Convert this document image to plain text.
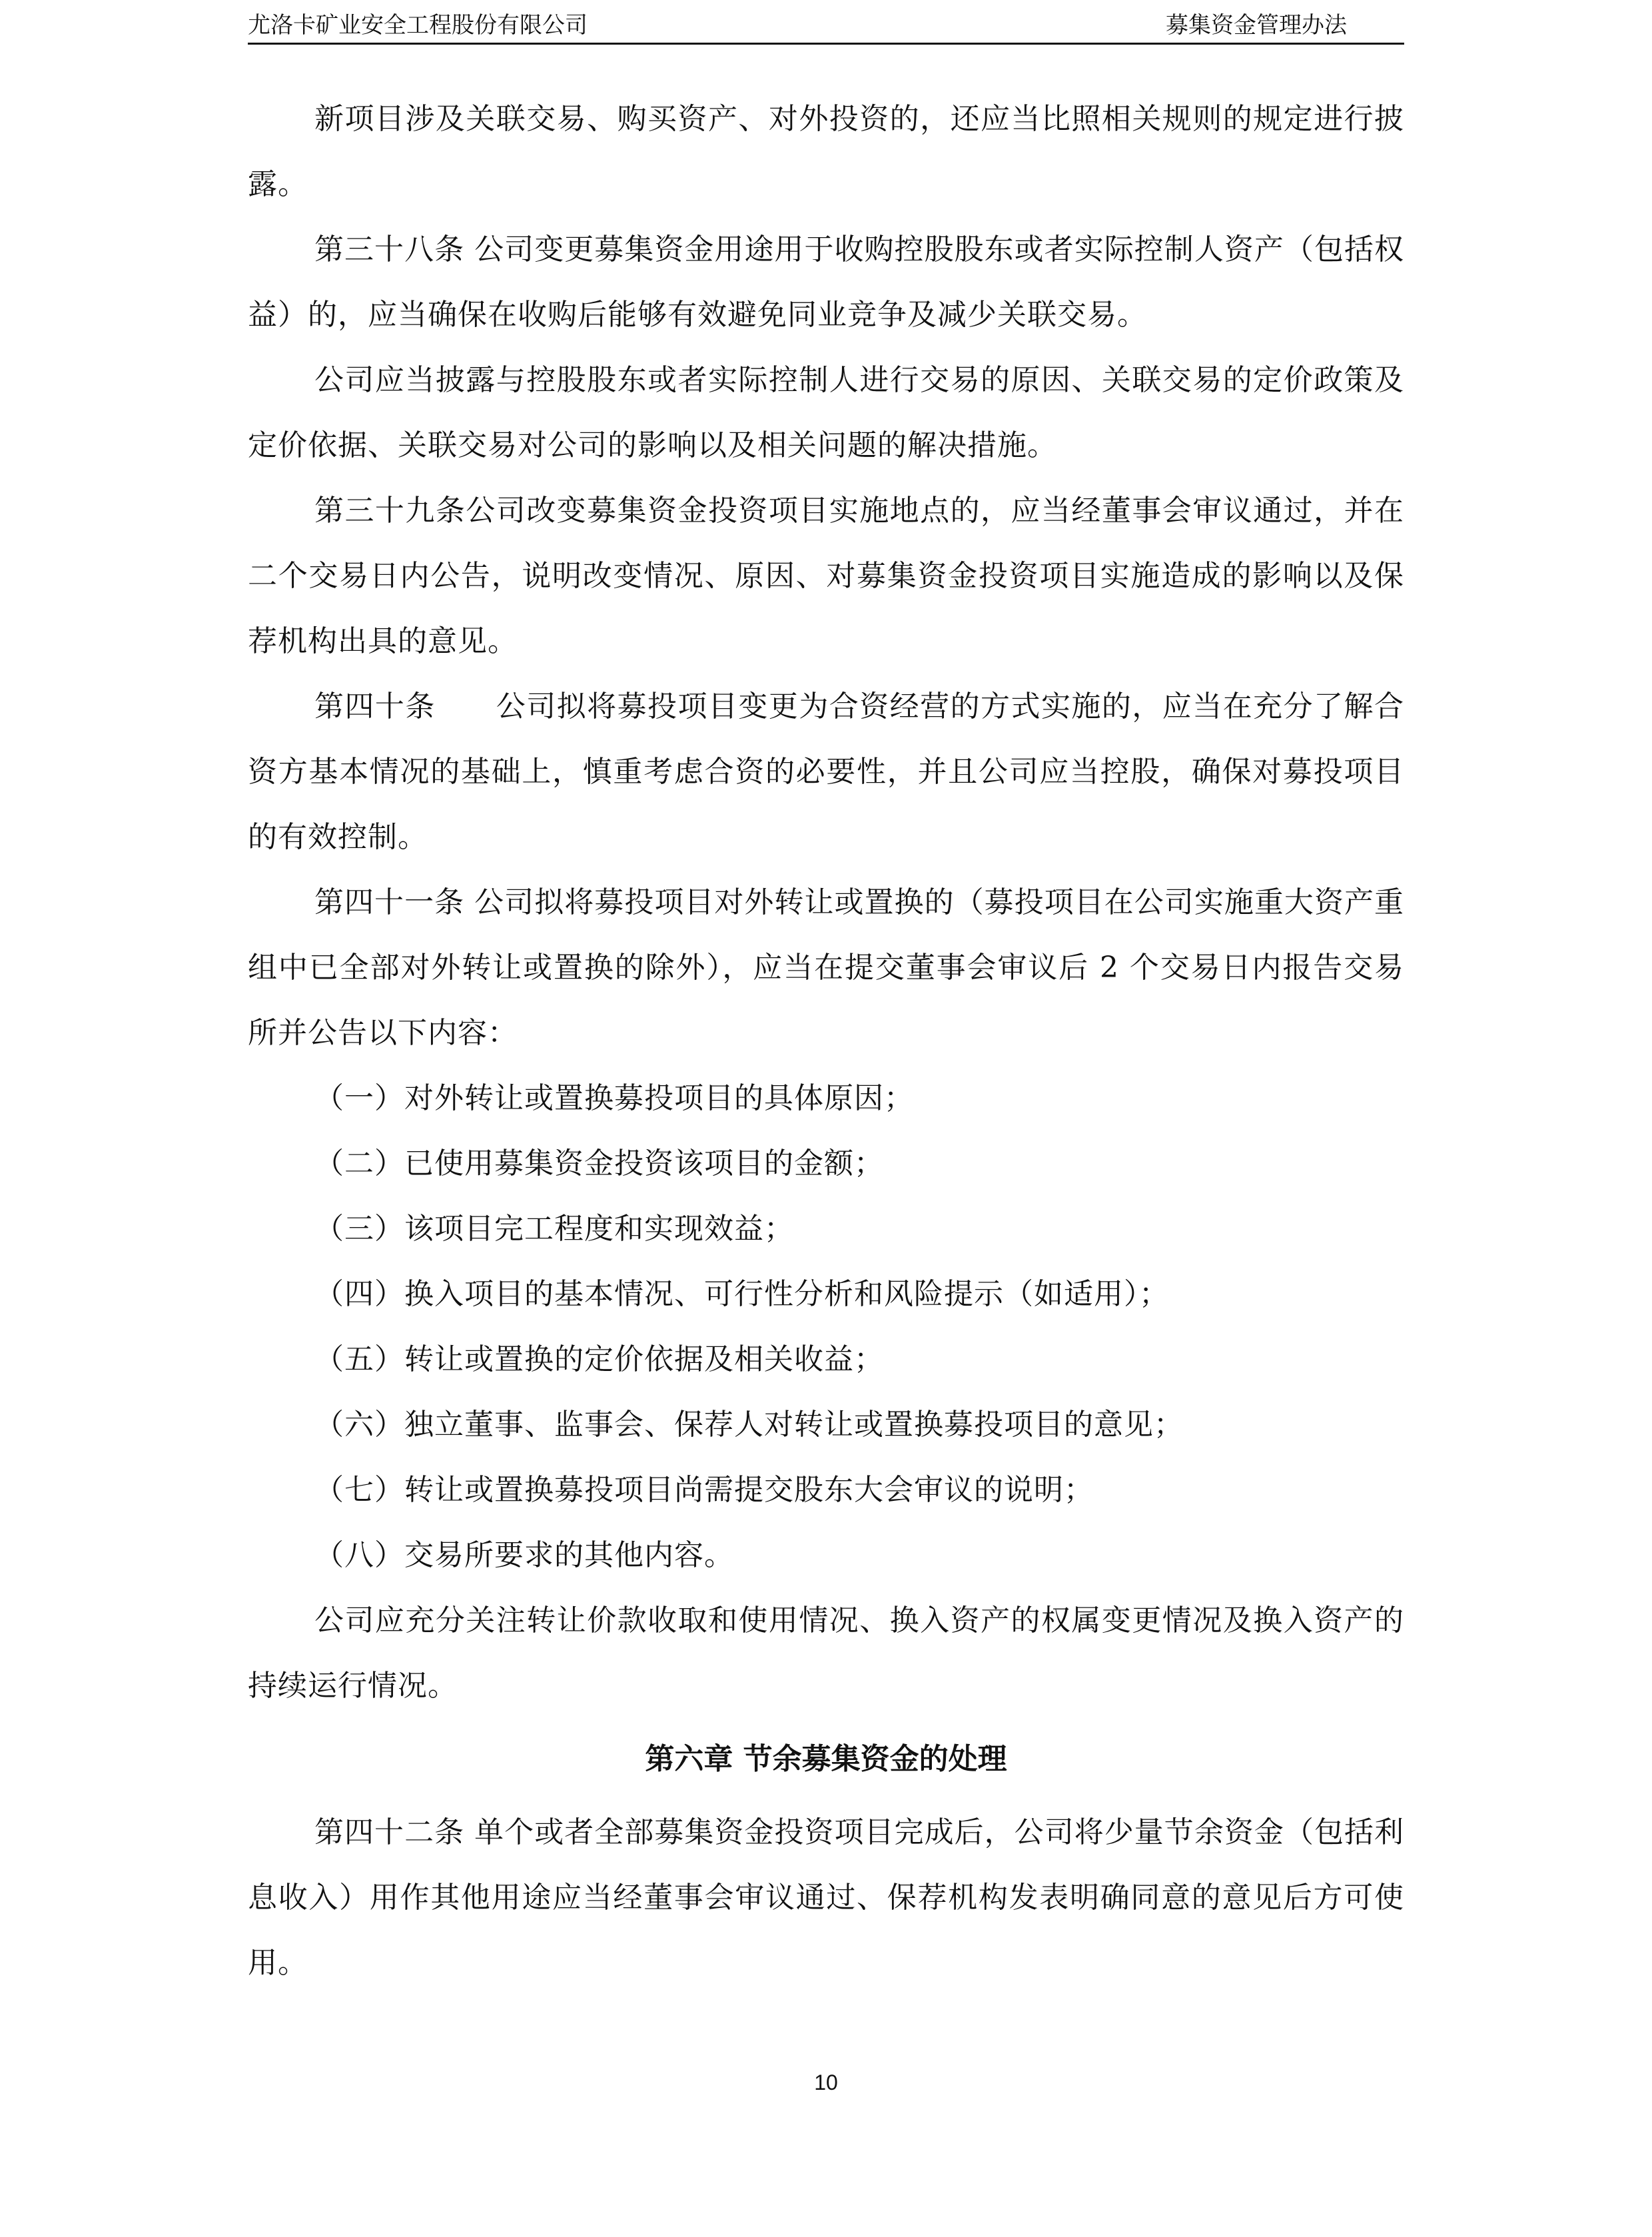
尤洛卡矿业安全工程股份有限公司	募集资金管理办法

新项目涉及关联交易、购买资产、对外投资的，还应当比照相关规则的规定进行披露。

第三十八条 公司变更募集资金用途用于收购控股股东或者实际控制人资产（包括权益）的，应当确保在收购后能够有效避免同业竞争及减少关联交易。

公司应当披露与控股股东或者实际控制人进行交易的原因、关联交易的定价政策及定价依据、关联交易对公司的影响以及相关问题的解决措施。

第三十九条公司改变募集资金投资项目实施地点的，应当经董事会审议通过，并在二个交易日内公告，说明改变情况、原因、对募集资金投资项目实施造成的影响以及保荐机构出具的意见。

第四十条　　公司拟将募投项目变更为合资经营的方式实施的，应当在充分了解合资方基本情况的基础上，慎重考虑合资的必要性，并且公司应当控股，确保对募投项目的有效控制。

第四十一条 公司拟将募投项目对外转让或置换的（募投项目在公司实施重大资产重组中已全部对外转让或置换的除外），应当在提交董事会审议后 2 个交易日内报告交易所并公告以下内容：

（一）对外转让或置换募投项目的具体原因；

（二）已使用募集资金投资该项目的金额；

（三）该项目完工程度和实现效益；

（四）换入项目的基本情况、可行性分析和风险提示（如适用）；

（五）转让或置换的定价依据及相关收益；

（六）独立董事、监事会、保荐人对转让或置换募投项目的意见；

（七）转让或置换募投项目尚需提交股东大会审议的说明；

（八）交易所要求的其他内容。

公司应充分关注转让价款收取和使用情况、换入资产的权属变更情况及换入资产的持续运行情况。

第六章 节余募集资金的处理

第四十二条 单个或者全部募集资金投资项目完成后，公司将少量节余资金（包括利息收入）用作其他用途应当经董事会审议通过、保荐机构发表明确同意的意见后方可使用。

10
